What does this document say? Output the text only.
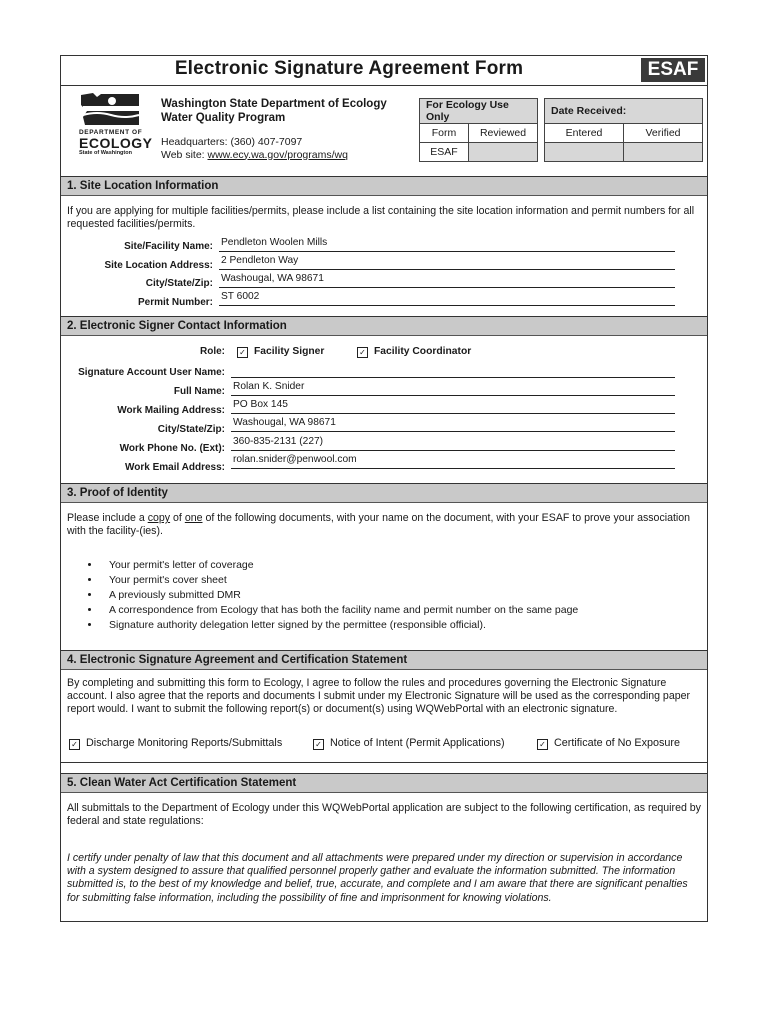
Electronic Signature Agreement Form	ESAF
DEPARTMENT OF
ECOLOGY
State of Washington
Washington State Department of Ecology
Water Quality Program
Headquarters: (360) 407-7097
Web site: www.ecy.wa.gov/programs/wq
For Ecology Use Only			Date Received:	
Form	Reviewed		Entered	Verified
ESAF				
1. Site Location Information
If you are applying for multiple facilities/permits, please include a list containing the site location information and permit numbers for all requested facilities/permits.
Site/Facility Name: Pendleton Woolen Mills
Site Location Address: 2 Pendleton Way
City/State/Zip: Washougal, WA 98671
Permit Number:
ST 6002
2. Electronic Signer Contact Information
Role: ✓ Facility Signer	✓ Facility Coordinator
Signature Account User Name:
Full Name: Rolan K. Snider
Work Mailing Address:
PO Box 145
City/State/Zip:
Washougal, WA 98671
Work Phone No. (Ext):
360-835-2131 (227)
Work Email Address:
rolan.snider@penwool.com
3. Proof of Identity
Please include a copy of one of the following documents, with your name on the document, with your ESAF to prove your association with the facility-(ies).
• Your permit's letter of coverage
• Your permit's cover sheet
• A previously submitted DMR
• A correspondence from Ecology that has both the facility name and permit number on the same page
• Signature authority delegation letter signed by the permittee (responsible official).
4. Electronic Signature Agreement and Certification Statement
By completing and submitting this form to Ecology, I agree to follow the rules and procedures governing the Electronic Signature account. I also agree that the reports and documents I submit under my Electronic Signature will be used as the corresponding paper report would. I want to submit the following report(s) or document(s) using WQWebPortal with an electronic signature.
✓ Discharge Monitoring Reports/Submittals	✓ Notice of Intent (Permit Applications)	✓ Certificate of No Exposure
5. Clean Water Act Certification Statement
All submittals to the Department of Ecology under this WQWebPortal application are subject to the following certification, as required by federal and state regulations:
I certify under penalty of law that this document and all attachments were prepared under my direction or supervision in accordance with a system designed to assure that qualified personnel properly gather and evaluate the information submitted. The information submitted is, to the best of my knowledge and belief, true, accurate, and complete and I am aware that there are significant penalties for submitting false information, including the possibility of fine and imprisonment for knowing violations.
